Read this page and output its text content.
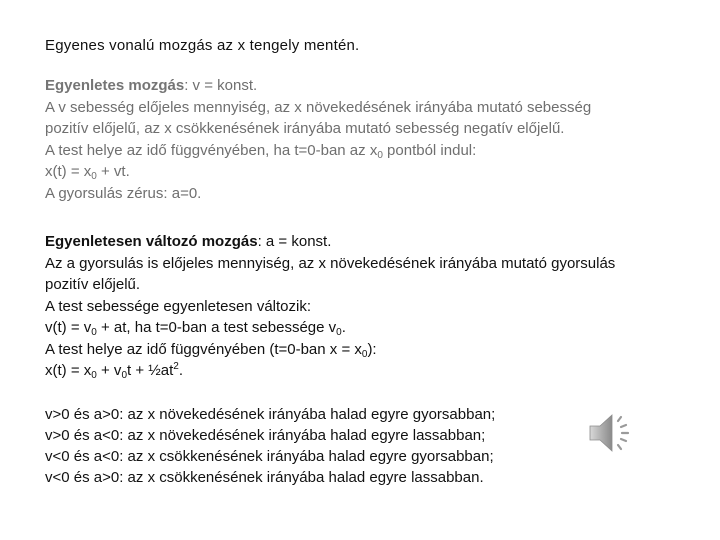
Egyenes vonalú mozgás az x tengely mentén.
Egyenletes mozgás: v = konst.
A v sebesség előjeles mennyiség, az x növekedésének irányába mutató sebesség
pozitív előjelű, az x csökkenésének irányába mutató sebesség negatív előjelű.
A test helye az idő függvényében, ha t=0-ban az $x_0$ pontból indul:
$x(t) = x_0$ + vt.
A gyorsulás zérus: a=0.
Egyenletesen változó mozgás: a = konst.
Az a gyorsulás is előjeles mennyiség, az x növekedésének irányába mutató gyorsulás
pozitív előjelű.
A test sebessége egyenletesen változik:
$v(t) = v_0$ + at, ha t=0-ban a test sebessége $v_0$.
A test helye az idő függvényében (t=0-ban $x = x_0$):
$x(t) = x_0 + v_0t$ + $\frac{1}{2}at^2$.
v>0 és a>0: az x növekedésének irányába halad egyre gyorsabban;
v>0 és a<0: az x növekedésének irányába halad egyre lassabban;
v<0 és a<0: az x csökkenésének irányába halad egyre gyorsabban;
v<0 és a>0: az x csökkenésének irányába halad egyre lassabban.
